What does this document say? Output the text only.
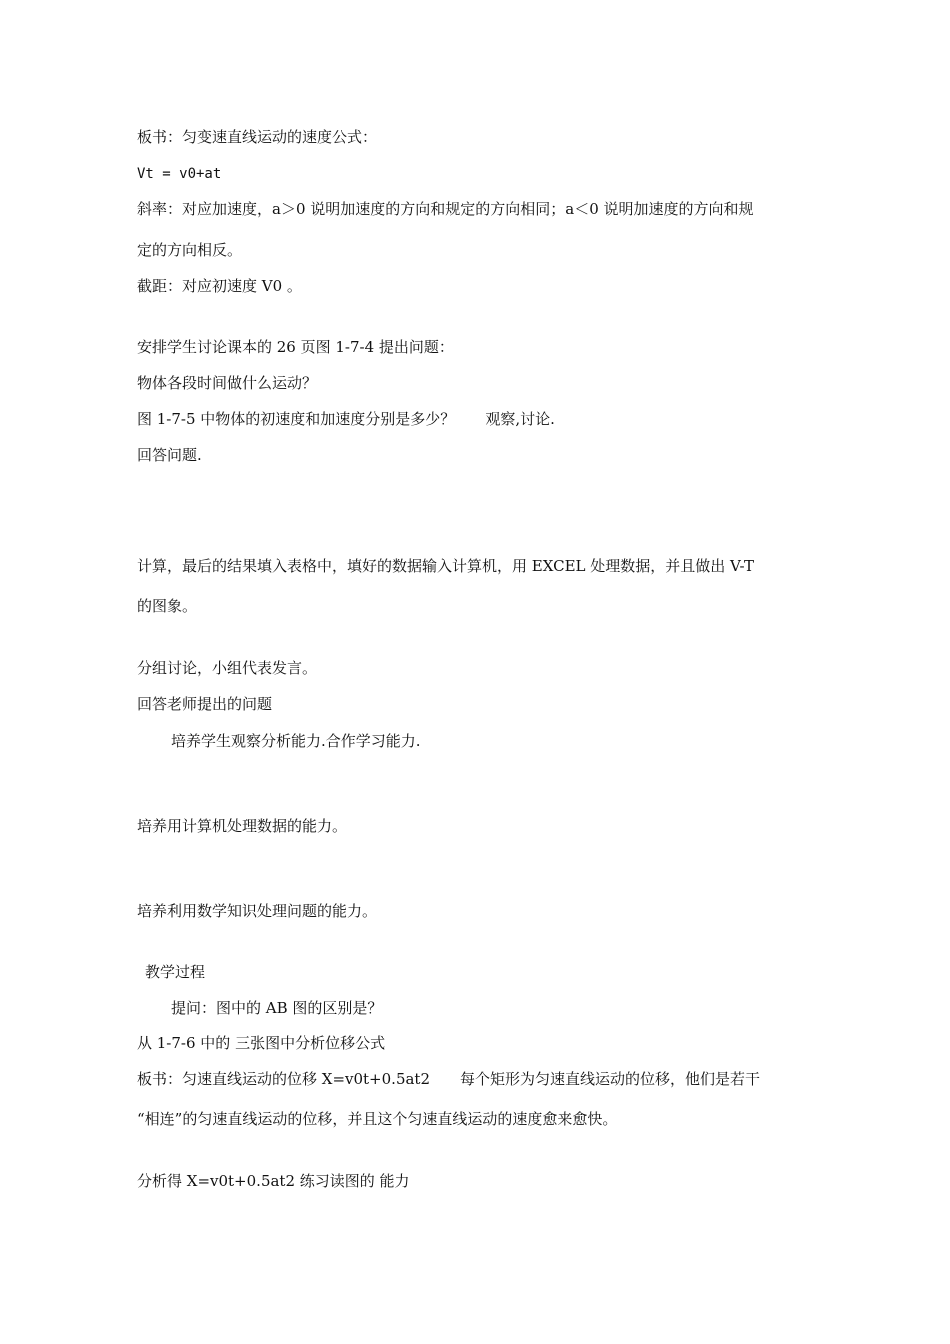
板书：匀变速直线运动的速度公式：
Vt = v0+at
斜率：对应加速度，a＞0 说明加速度的方向和规定的方向相同；a＜0 说明加速度的方向和规
定的方向相反。
截距：对应初速度 V0 。
安排学生讨论课本的 26 页图 1-7-4 提出问题：
物体各段时间做什么运动？
图 1-7-5 中物体的初速度和加速度分别是多少？ 观察,讨论.
回答问题.
计算，最后的结果填入表格中，填好的数据输入计算机，用 EXCEL 处理数据，并且做出 V-T
的图象。
分组讨论，小组代表发言。
回答老师提出的问题
培养学生观察分析能力.合作学习能力.
培养用计算机处理数据的能力。
培养利用数学知识处理问题的能力。
教学过程
提问：图中的 AB 图的区别是？
从 1-7-6 中的 三张图中分析位移公式
板书：匀速直线运动的位移 X=v0t+0.5at2 每个矩形为匀速直线运动的位移，他们是若干
“相连”的匀速直线运动的位移，并且这个匀速直线运动的速度愈来愈快。
分析得 X=v0t+0.5at2 练习读图的 能力
